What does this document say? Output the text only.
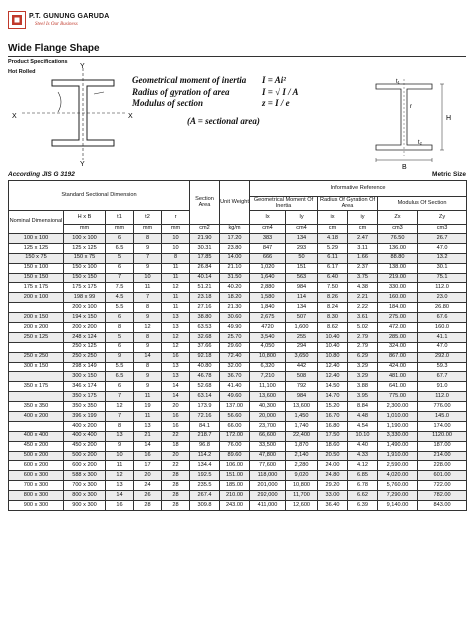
P.T. GUNUNG GARUDA
Steel Is Our Business
Wide Flange Shape
Product Specifications
Hot Rolled
Y
Y
X	X
Geometrical moment of inertia	I = Ai²
Radius of gyration of area	I = √ I / A
Modulus of section	z = I / e
(A = sectional area)	H
B
t₁
r
t₂
According JIS G 3192	Metric Size
Standard Sectional Dimension					Section Area	Unit Weight	Informative Reference					
							Geometrical Moment Of Inertia		Radius Of Gyration Of Area		Modulus Of Section	
Nominal Dimensional	H x B	t1	t2	r			Ix	Iy	ix	iy	Zx	Zy
	mm	mm	mm	mm	cm2	kg/m	cm4	cm4	cm	cm	cm3	cm3
100 x 100	100 x 100	6	8	10	21.90	17.20	383	134	4.18	2.47	76.50	26.7
125 x 125	125 x 125	6.5	9	10	30.31	23.80	847	293	5.29	3.11	136.00	47.0
150 x 75	150 x 75	5	7	8	17.85	14.00	666	50	6.11	1.66	88.80	13.2
150 x 100	150 x 100	6	9	11	26.84	21.10	1,020	151	6.17	2.37	138.00	30.1
150 x 150	150 x 150	7	10	11	40.14	31.50	1,640	563	6.40	3.75	219.00	75.1
175 x 175	175 x 175	7.5	11	12	51.21	40.20	2,880	984	7.50	4.38	330.00	112.0
200 x 100	198 x 99	4.5	7	11	23.18	18.20	1,580	114	8.26	2.21	160.00	23.0
	200 x 100	5.5	8	11	27.16	21.30	1,840	134	8.24	2.22	184.00	26.80
200 x 150	194 x 150	6	9	13	38.80	30.60	2,675	507	8.30	3.61	275.00	67.6
200 x 200	200 x 200	8	12	13	63.53	49.90	4720	1,600	8.62	5.02	472.00	160.0
250 x 125	248 x 124	5	8	12	32.68	25.70	3,540	255	10.40	2.79	285.00	41.1
	250 x 125	6	9	12	37.66	29.60	4,050	294	10.40	2.79	324.00	47.0
250 x 250	250 x 250	9	14	16	92.18	72.40	10,800	3,650	10.80	6.29	867.00	292.0
300 x 150	298 x 149	5.5	8	13	40.80	32.00	6,320	442	12.40	3.29	424.00	59.3
	300 x 150	6.5	9	13	46.78	36.70	7,210	508	12.40	3.29	481.00	67.7
350 x 175	346 x 174	6	9	14	52.68	41.40	11,100	792	14.50	3.88	641.00	91.0
	350 x 175	7	11	14	63.14	49.60	13,600	984	14.70	3.95	775.00	112.0
350 x 350	350 x 350	12	19	20	173.9	137.00	40,300	13,600	15.20	8.84	2,300.00	776.00
400 x 200	396 x 199	7	11	16	72.16	56.60	20,000	1,450	16.70	4.48	1,010.00	145.0
	400 x 200	8	13	16	84.1	66.00	23,700	1,740	16.80	4.54	1,190.00	174.00
400 x 400	400 x 400	13	21	22	218.7	172.00	66,600	22,400	17.50	10.10	3,330.00	1120.00
450 x 200	450 x 200	9	14	18	96.8	76.00	33,500	1,870	18.60	4.40	1,490.00	187.00
500 x 200	500 x 200	10	16	20	114.2	89.60	47,800	2,140	20.50	4.33	1,910.00	214.00
600 x 200	600 x 200	11	17	22	134.4	106.00	77,600	2,280	24.00	4.12	2,590.00	228.00
600 x 300	588 x 300	12	20	28	192.5	151.00	118,000	9,020	24.80	6.85	4,020.00	601.00
700 x 300	700 x 300	13	24	28	235.5	185.00	201,000	10,800	29.20	6.78	5,760.00	722.00
800 x 300	800 x 300	14	26	28	267.4	210.00	292,000	11,700	33.00	6.62	7,290.00	782.00
900 x 300	900 x 300	16	28	28	309.8	243.00	411,000	12,600	36.40	6.39	9,140.00	843.00
